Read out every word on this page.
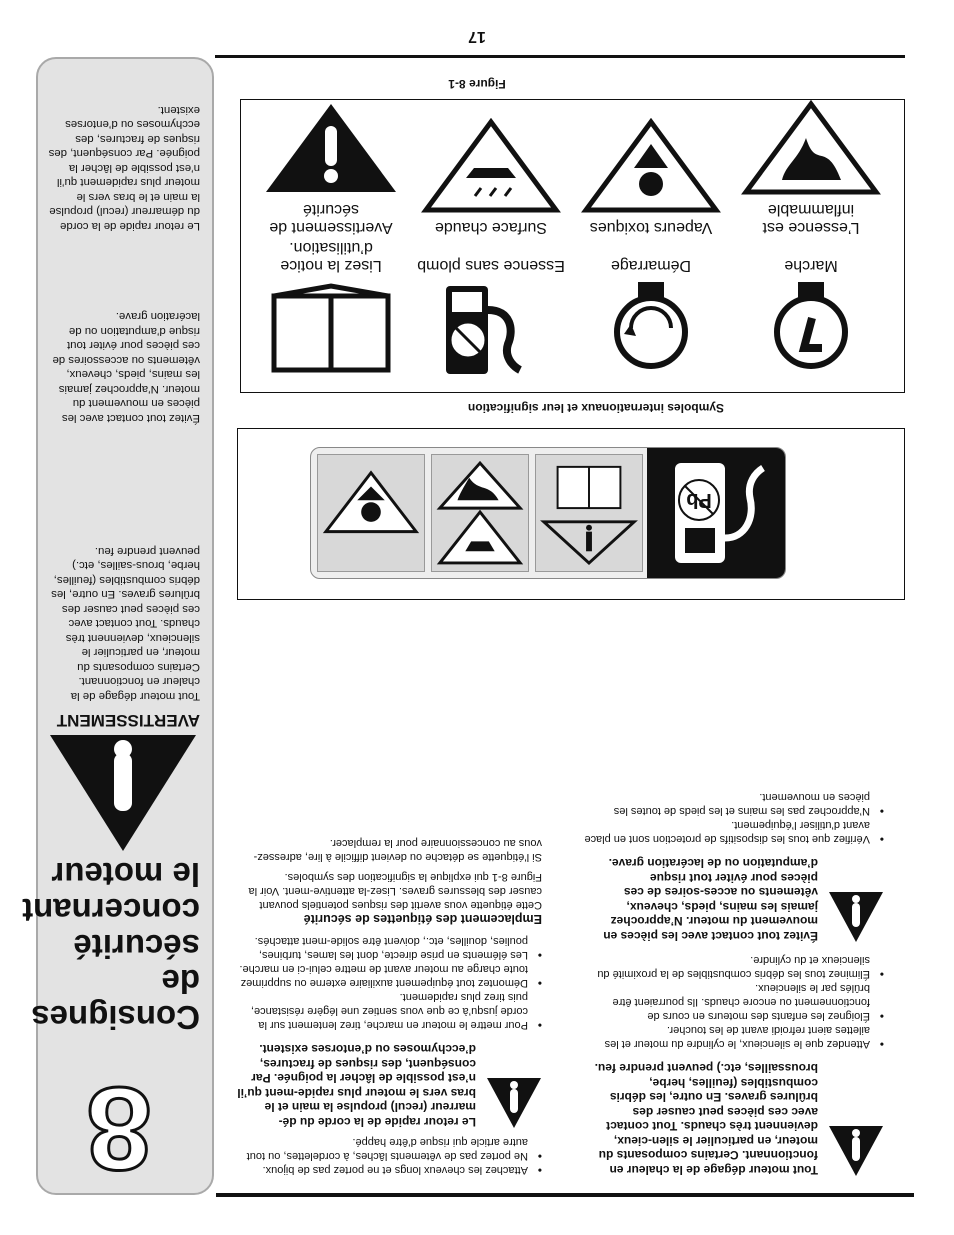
8
Consignes de sécurité concernant le moteur
AVERTISSEMENT

Tout moteur dégage de la chaleur en fonctionnant. Certains composants du moteur, en particulier le silencieux, deviennent très chauds. Tout contact avec ces pièces peut causer des brûlures graves. En outre, les débris combustibles (feuilles, herbe, brous-sailles, etc.) peuvent prendre feu.

Évitez tout contact avec les pièces en mouvement du moteur. N’approchez jamais les mains, pieds, cheveux, vêtements ou accessoires de ces pièces pour éviter tout risque d’amputation ou de lacération grave.

Le retour rapide de la corde du démarreur (recul) propulse la main et le bras vers le moteur plus rapidement qu’il n’est possible de lâcher la poignée. Par conséquent, des risques de fractures, des ecchymoses ou d’entorses existent.

Tout moteur dégage de la chaleur en fonctionnant. Certains composants du moteur, en particulier le silen-cieux, deviennent très chauds. Tout contact avec ces pièces peut causer des brûlures graves. En outre, les débris combustibles (feuilles, herbe, broussailles, etc.) peuvent prendre feu.

• Attendez que le silencieux, le cylindre du moteur et les ailettes aient refroidi avant de les toucher.

• Éloignez les enfants des moteurs en cours de fonctionnement ou encore chauds. Ils pourraient être brûlés par le silencieux.

• Éliminez tous les débris combustibles de la proximité du silencieux et du cylindre.

Évitez tout contact avec les pièces en mouvement du moteur. N’approchez jamais les mains, pieds, cheveux, vêtements ou acces-soires de ces pièces pour éviter tout risque d’amputation ou de lacération grave.

• Vérifiez que tous les dispositifs de protection sont en place avant d’utiliser l’équipement.

• N’approchez pas les mains et les pieds de toutes les pièces en mouvement.

• Attachez les cheveux longs et ne portez pas de bijoux.

• Ne portez pas de vêtements lâches, à cordelettes, ou tout autre article qui risque d’être happé.

Le retour rapide de la corde du dé-marreur (recul) propulse la main et le bras vers le moteur plus rapide-ment qu’il n’est possible de lâcher la poignée. Par conséquent, des risques de fractures, d’ecchymoses ou d’entorses existent.

• Pour mettre le moteur en marche, tirez lentement sur la corde jusqu’à ce que vous sentiez une légère résistance, puis tirez plus rapidement.

• Démontez tout équipement auxiliaire externe ou supprimez toute charge au moteur avant de mettre celui-ci en marche.

• Les éléments en prise directe, dont les lames, turbines, poulies, douilles, etc., doivent être solide-ment attachés.

Emplacement des étiquettes de sécurité

Cette étiquette vous avertit des risques potentiels pouvant causer des blessures graves. Lisez-la attentive-ment. Voir la Figure 8-1 qui explique la signification des symboles.

Si l’étiquette se détache ou devient difficile à lire, adressez-vous au concessionnaire pour la remplacer.

Pb
Symboles internationaux et leur signification
Marche
Démarrage
Essence sans plomb
Lisez la notice d’utilisation.
L’essence est inflammable
Vapeurs toxiques
Surface chaude
Avertissement de sécurité
Figure 8-1
17
